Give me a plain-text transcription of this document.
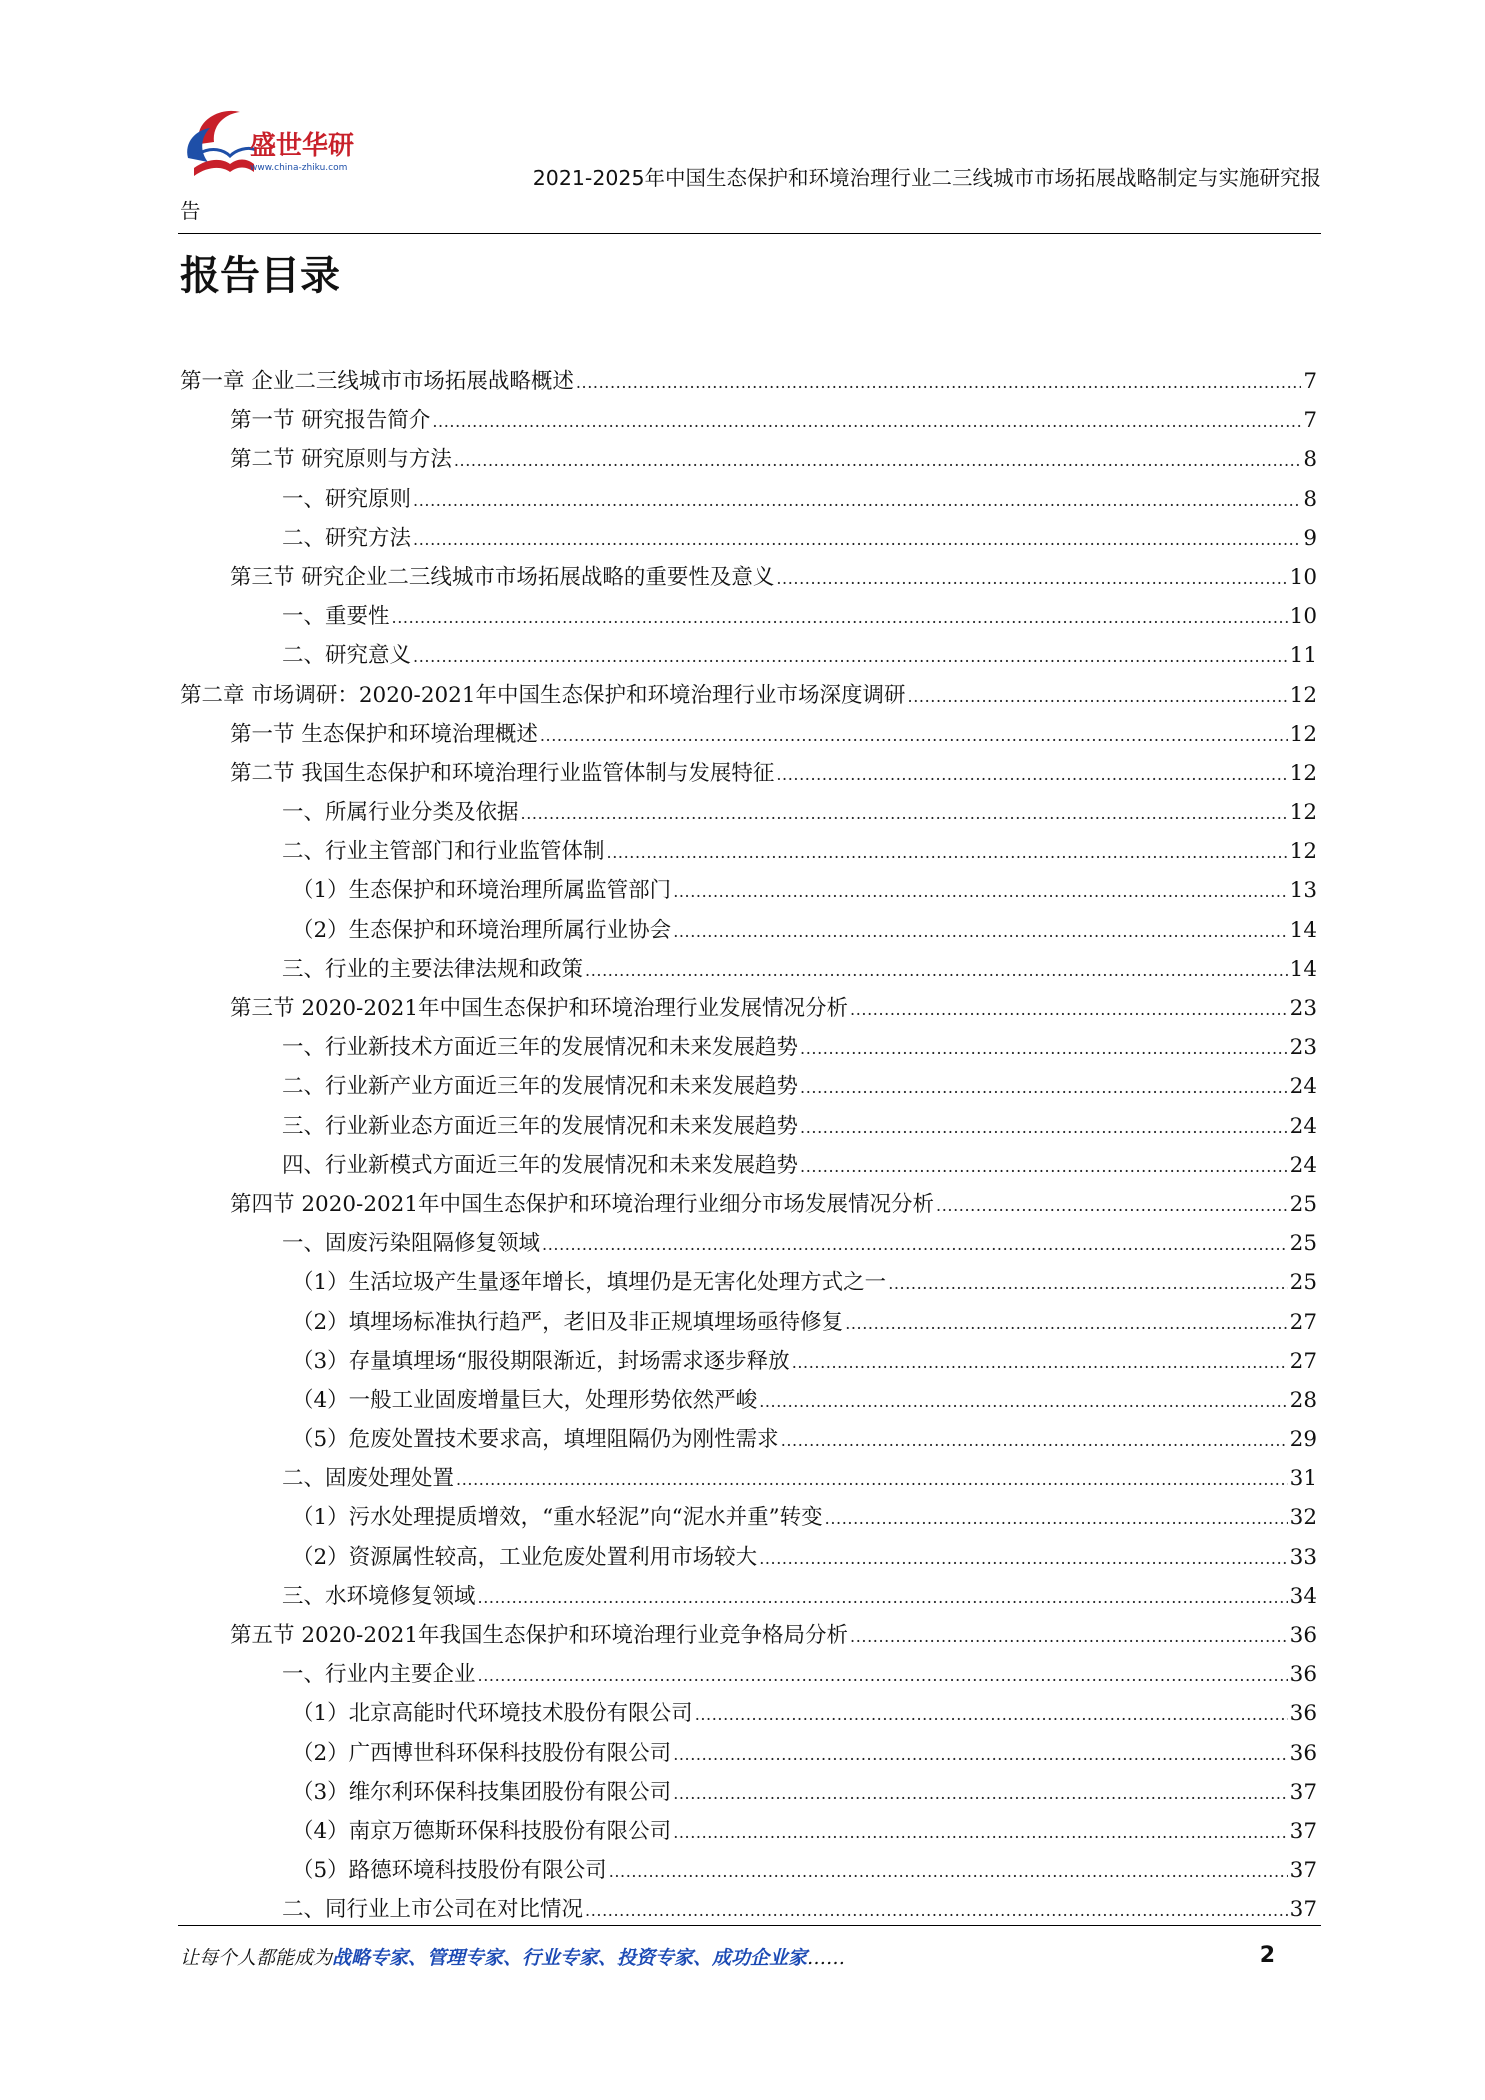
盛世华研
www.china-zhiku.com	2021-2025年中国生态保护和环境治理行业二三线城市市场拓展战略制定与实施研究报
告
报告目录
第一章 企业二三线城市市场拓展战略概述 .....	7
第一节 研究报告简介 .....	7
第二节 研究原则与方法 .....	8
一、研究原则 .....	8
二、研究方法 .....	9
第三节 研究企业二三线城市市场拓展战略的重要性及意义 .....	10
一、重要性 .....	10
二、研究意义 .....	11
第二章 市场调研：2020-2021年中国生态保护和环境治理行业市场深度调研 .....	12
第一节 生态保护和环境治理概述 .....	12
第二节 我国生态保护和环境治理行业监管体制与发展特征 .....	12
一、所属行业分类及依据 .....	12
二、行业主管部门和行业监管体制 .....	12
（1）生态保护和环境治理所属监管部门 .....	13
（2）生态保护和环境治理所属行业协会 .....	14
三、行业的主要法律法规和政策 .....	14
第三节 2020-2021年中国生态保护和环境治理行业发展情况分析 .....	23
一、行业新技术方面近三年的发展情况和未来发展趋势 .....	23
二、行业新产业方面近三年的发展情况和未来发展趋势 .....	24
三、行业新业态方面近三年的发展情况和未来发展趋势 .....	24
四、行业新模式方面近三年的发展情况和未来发展趋势 .....	24
第四节 2020-2021年中国生态保护和环境治理行业细分市场发展情况分析 .....	25
一、固废污染阻隔修复领域 .....	25
（1）生活垃圾产生量逐年增长，填埋仍是无害化处理方式之一 .....	25
（2）填埋场标准执行趋严，老旧及非正规填埋场亟待修复 .....	27
（3）存量填埋场“服役期限渐近，封场需求逐步释放 .....	27
（4）一般工业固废增量巨大，处理形势依然严峻 .....	28
（5）危废处置技术要求高，填埋阻隔仍为刚性需求 .....	29
二、固废处理处置 .....	31
（1）污水处理提质增效，“重水轻泥”向“泥水并重”转变 .....	32
（2）资源属性较高，工业危废处置利用市场较大 .....	33
三、水环境修复领域 .....	34
第五节 2020-2021年我国生态保护和环境治理行业竞争格局分析 .....	36
一、行业内主要企业 .....	36
（1）北京高能时代环境技术股份有限公司 .....	36
（2）广西博世科环保科技股份有限公司 .....	36
（3）维尔利环保科技集团股份有限公司 .....	37
（4）南京万德斯环保科技股份有限公司 .....	37
（5）路德环境科技股份有限公司 .....	37
二、同行业上市公司在对比情况 .....	37
让每个人都能成为战略专家、管理专家、行业专家、投资专家、成功企业家……	2
